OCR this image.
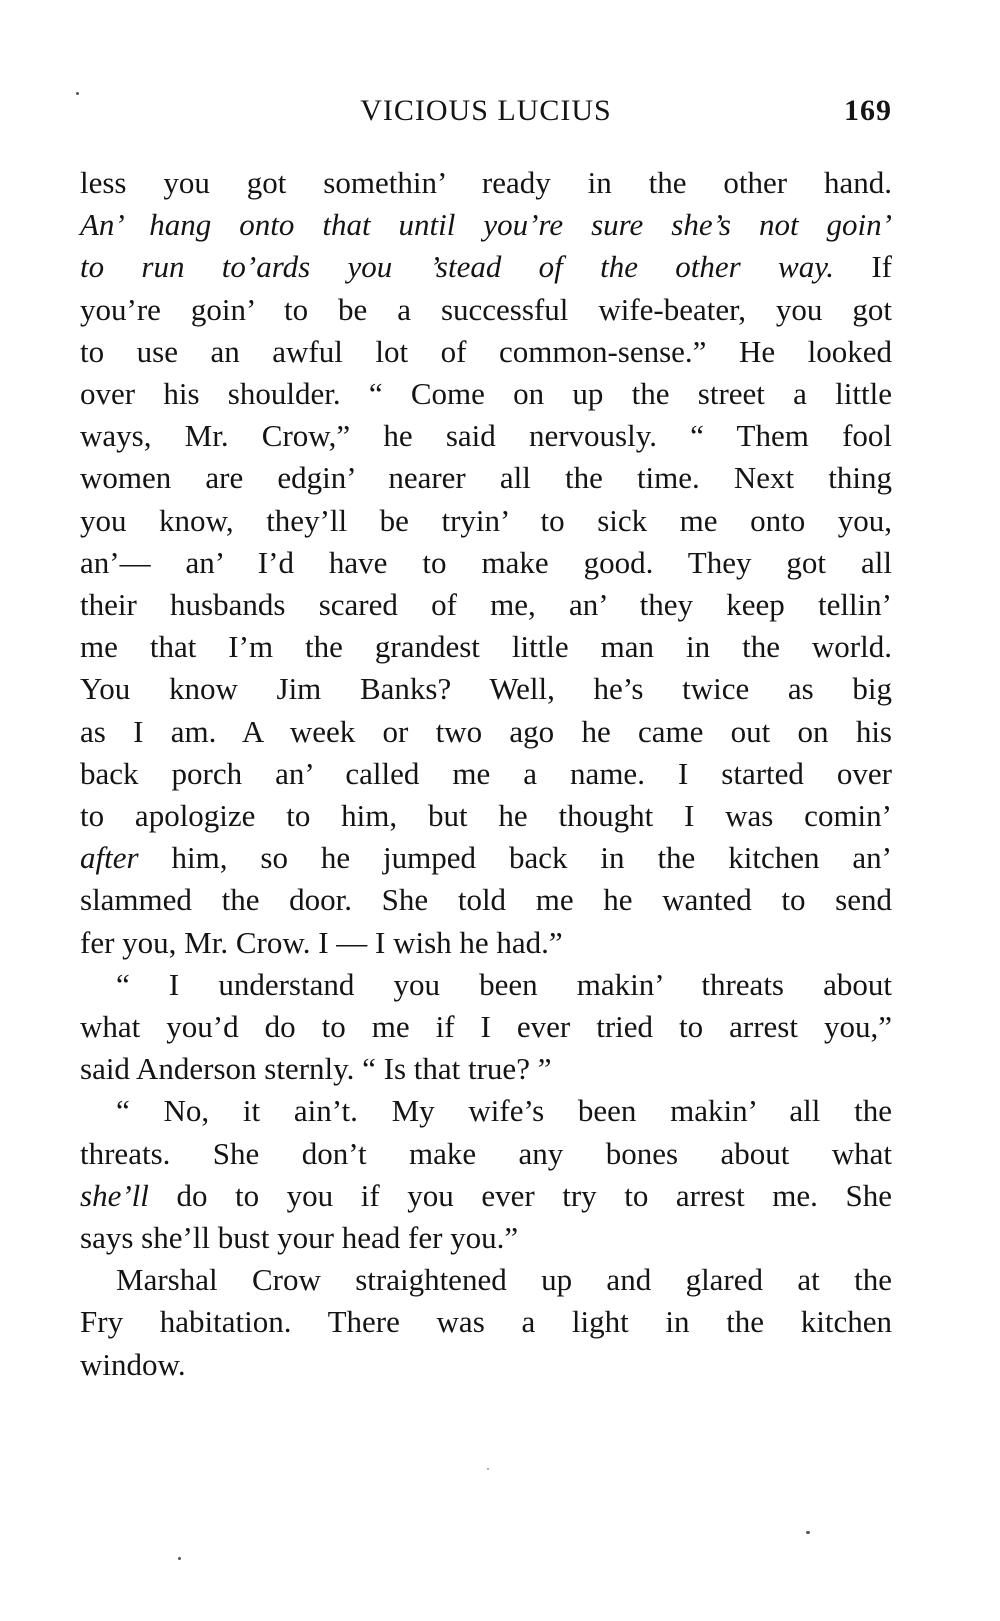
VICIOUS LUCIUS	169

less you got somethin’ ready in the other hand.
An’ hang onto that until you’re sure she’s not goin’
to run to’ards you ’stead of the other way. If
you’re goin’ to be a successful wife-beater, you got
to use an awful lot of common-sense.” He looked
over his shoulder. “ Come on up the street a little
ways, Mr. Crow,” he said nervously. “ Them fool
women are edgin’ nearer all the time. Next thing
you know, they’ll be tryin’ to sick me onto you,
an’— an’ I’d have to make good. They got all
their husbands scared of me, an’ they keep tellin’
me that I’m the grandest little man in the world.
You know Jim Banks? Well, he’s twice as big
as I am. A week or two ago he came out on his
back porch an’ called me a name. I started over
to apologize to him, but he thought I was comin’
after him, so he jumped back in the kitchen an’
slammed the door. She told me he wanted to send
fer you, Mr. Crow. I — I wish he had.”

“ I understand you been makin’ threats about
what you’d do to me if I ever tried to arrest you,”
said Anderson sternly. “ Is that true? ”

“ No, it ain’t. My wife’s been makin’ all the
threats. She don’t make any bones about what
she’ll do to you if you ever try to arrest me. She
says she’ll bust your head fer you.”

Marshal Crow straightened up and glared at the
Fry habitation. There was a light in the kitchen
window.
